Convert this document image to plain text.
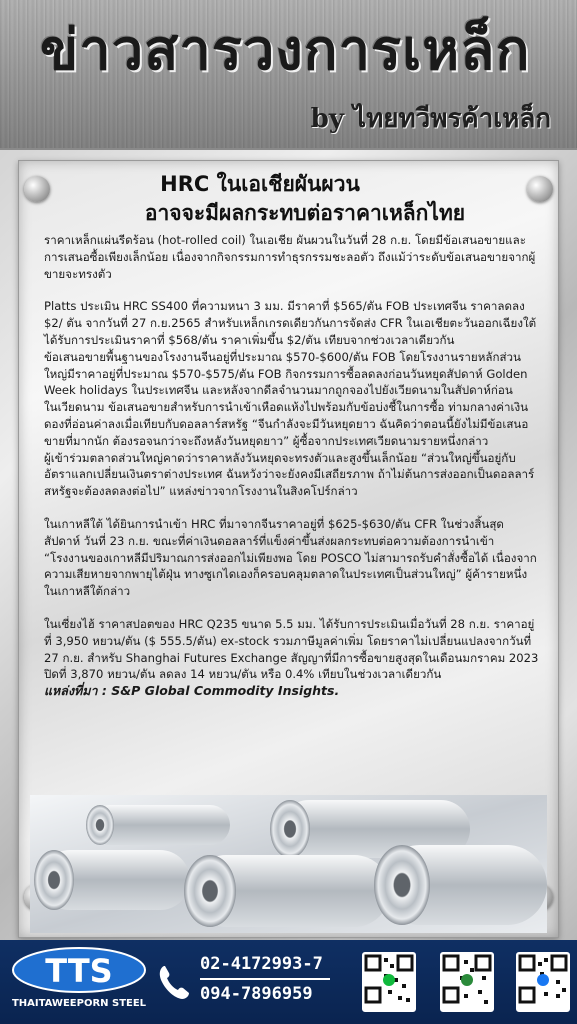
ข่าวสารวงการเหล็ก
by ไทยทวีพรค้าเหล็ก
HRC ในเอเชียผันผวน
อาจจะมีผลกระทบต่อราคาเหล็กไทย

ราคาเหล็กแผ่นรีดร้อน (hot-rolled coil) ในเอเชีย ผันผวนในวันที่ 28 ก.ย. โดยมีข้อเสนอขายและการเสนอซื้อเพียงเล็กน้อย เนื่องจากกิจกรรมการทำธุรกรรมชะลอตัว ถึงแม้ว่าระดับข้อเสนอขายจากผู้ขายจะทรงตัว

Platts ประเมิน HRC SS400 ที่ความหนา 3 มม. มีราคาที่ $565/ตัน FOB ประเทศจีน ราคาลดลง $2/ ตัน จากวันที่ 27 ก.ย.2565 สำหรับเหล็กเกรดเดียวกันการจัดส่ง CFR ในเอเชียตะวันออกเฉียงใต้ ได้รับการประเมินราคาที่ $568/ตัน ราคาเพิ่มขึ้น $2/ตัน เทียบจากช่วงเวลาเดียวกัน

ข้อเสนอขายพื้นฐานของโรงงานจีนอยู่ที่ประมาณ $570-$600/ตัน FOB โดยโรงงานรายหลักส่วนใหญ่มีราคาอยู่ที่ประมาณ $570-$575/ตัน FOB กิจกรรมการซื้อลดลงก่อนวันหยุดสัปดาห์ Golden Week holidays ในประเทศจีน และหลังจากดีลจำนวนมากถูกจองไปยังเวียดนามในสัปดาห์ก่อน

ในเวียดนาม ข้อเสนอขายสำหรับการนำเข้าเหือดแห้งไปพร้อมกับข้อบ่งชี้ในการซื้อ ท่ามกลางค่าเงินดองที่อ่อนค่าลงเมื่อเทียบกับดอลลาร์สหรัฐ “จีนกำลังจะมีวันหยุดยาว ฉันคิดว่าตอนนี้ยังไม่มีข้อเสนอขายที่มากนัก ต้องรอจนกว่าจะถึงหลังวันหยุดยาว” ผู้ซื้อจากประเทศเวียดนามรายหนึ่งกล่าว

ผู้เข้าร่วมตลาดส่วนใหญ่คาดว่าราคาหลังวันหยุดจะทรงตัวและสูงขึ้นเล็กน้อย “ส่วนใหญ่ขึ้นอยู่กับอัตราแลกเปลี่ยนเงินตราต่างประเทศ ฉันหวังว่าจะยังคงมีเสถียรภาพ ถ้าไม่ต้นการส่งออกเป็นดอลลาร์สหรัฐจะต้องลดลงต่อไป” แหล่งข่าวจากโรงงานในสิงคโปร์กล่าว

ในเกาหลีใต้ ได้ยินการนำเข้า HRC ที่มาจากจีนราคาอยู่ที่ $625-$630/ตัน CFR ในช่วงสิ้นสุดสัปดาห์ วันที่ 23 ก.ย. ขณะที่ค่าเงินดอลลาร์ที่แข็งค่าขึ้นส่งผลกระทบต่อความต้องการนำเข้า “โรงงานของเกาหลีมีปริมาณการส่งออกไม่เพียงพอ โดย POSCO ไม่สามารถรับคำสั่งซื้อได้ เนื่องจากความเสียหายจากพายุไต้ฝุ่น ทางซูเกไดเองก็ครอบคลุมตลาดในประเทศเป็นส่วนใหญ่” ผู้ค้ารายหนึ่งในเกาหลีใต้กล่าว

ในเซี่ยงไฮ้ ราคาสปอตของ HRC Q235 ขนาด 5.5 มม. ได้รับการประเมินเมื่อวันที่ 28 ก.ย. ราคาอยู่ที่ 3,950 หยวน/ตัน ($ 555.5/ตัน) ex-stock รวมภาษีมูลค่าเพิ่ม โดยราคาไม่เปลี่ยนแปลงจากวันที่ 27 ก.ย. สำหรับ Shanghai Futures Exchange สัญญาที่มีการซื้อขายสูงสุดในเดือนมกราคม 2023 ปิดที่ 3,870 หยวน/ตัน ลดลง 14 หยวน/ตัน หรือ 0.4% เทียบในช่วงเวลาเดียวกัน

แหล่งที่มา : S&P Global Commodity Insights.

TTS
THAITAWEEPORN STEEL
02-4172993-7
094-7896959
